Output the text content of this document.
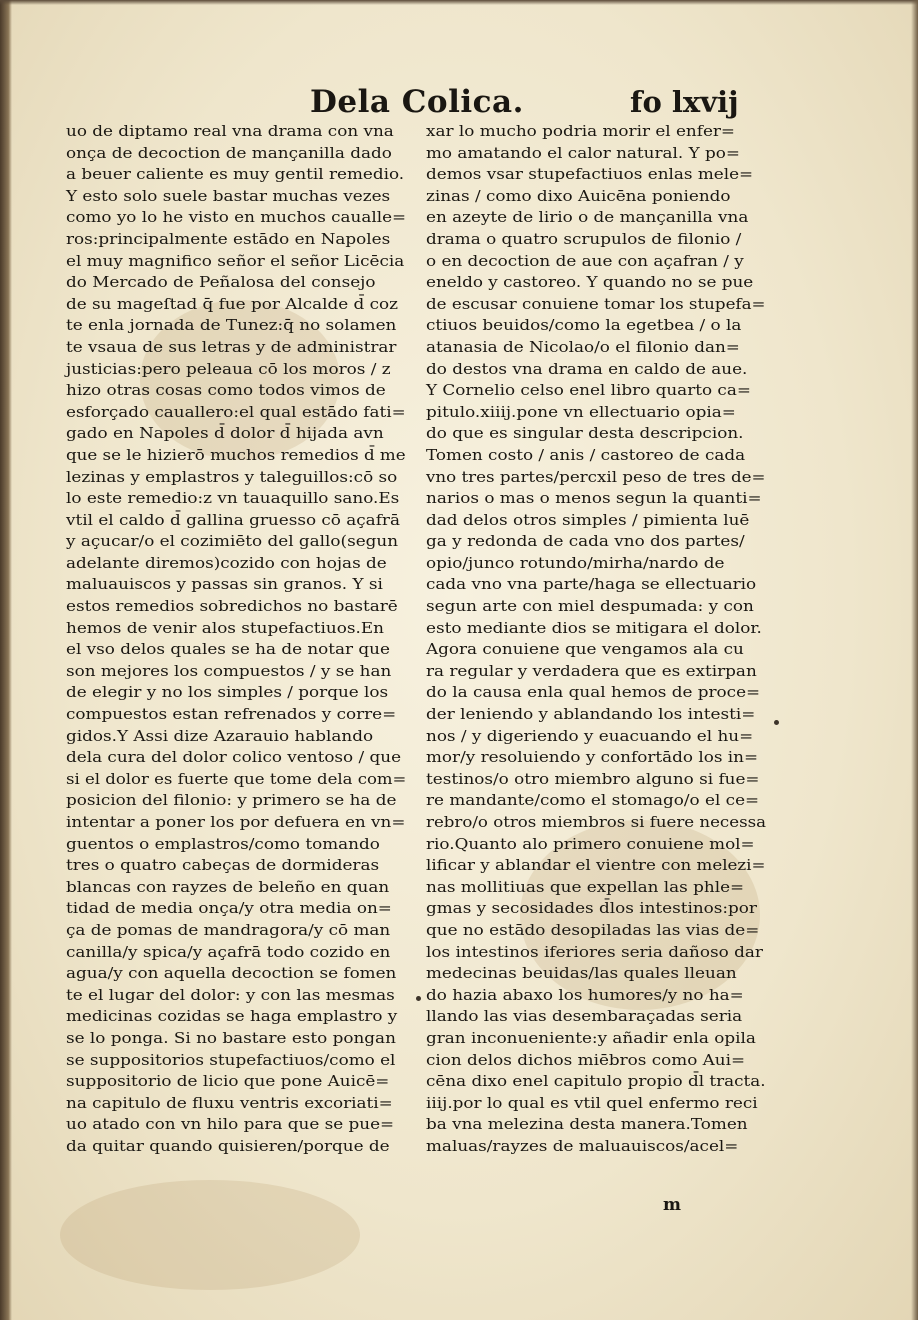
Dela Colica.	fo lxvij
uo de diptamo real vna drama con vna
onça de decoction de mançanilla dado
a beuer caliente es muy gentil remedio.
Y esto solo suele bastar muchas vezes
como yo lo he visto en muchos caualle=
ros:principalmente estādo en Napoles
el muy magnifico señor el señor Licēcia
do Mercado de Peñalosa del consejo
de su mageſtad q̄ fue por Alcalde d̄ coz
te enla jornada de Tunez:q̄ no solamen
te vsaua de sus letras y de administrar
justicias:pero peleaua cō los moros / z
hizo otras cosas como todos vimos de
esforçado cauallero:el qual estādo fati=
gado en Napoles d̄ dolor d̄ hijada avn
que se le hizierō muchos remedios d̄ me
lezinas y emplastros y taleguillos:cō so
lo este remedio:z vn tauaquillo sano.Es
vtil el caldo d̄ gallina gruesso cō açafrā
y açucar/o el cozimiēto del gallo(segun
adelante diremos)cozido con hojas de
maluauiscos y passas sin granos. Y si
estos remedios sobredichos no bastarē
hemos de venir alos stupefactiuos.En
el vso delos quales se ha de notar que
son mejores los compuestos / y se han
de elegir y no los simples / porque los
compuestos estan refrenados y corre=
gidos.Y Assi dize Azarauio hablando
dela cura del dolor colico ventoso / que
si el dolor es fuerte que tome dela com=
posicion del filonio: y primero se ha de
intentar a poner los por defuera en vn=
guentos o emplastros/como tomando
tres o quatro cabeças de dormideras
blancas con rayzes de beleño en quan
tidad de media onça/y otra media on=
ça de pomas de mandragora/y cō man
canilla/y spica/y açafrā todo cozido en
agua/y con aquella decoction se fomen
te el lugar del dolor: y con las mesmas
medicinas cozidas se haga emplastro y
se lo ponga. Si no bastare esto pongan
se suppositorios stupefactiuos/como el
suppositorio de licio que pone Auicē=
na capitulo de fluxu ventris excoriati=
uo atado con vn hilo para que se pue=
da quitar quando quisieren/porque de
xar lo mucho podria morir el enfer=
mo amatando el calor natural. Y po=
demos vsar stupefactiuos enlas mele=
zinas / como dixo Auicēna poniendo
en azeyte de lirio o de mançanilla vna
drama o quatro scrupulos de filonio /
o en decoction de aue con açafran / y
eneldo y castoreo. Y quando no se pue
de escusar conuiene tomar los stupefa=
ctiuos beuidos/como la egetbea / o la
atanasia de Nicolao/o el filonio dan=
do destos vna drama en caldo de aue.
Y Cornelio celso enel libro quarto ca=
pitulo.xiiij.pone vn ellectuario opia=
do que es singular desta descripcion.
Tomen costo / anis / castoreo de cada
vno tres partes/percxil peso de tres de=
narios o mas o menos segun la quanti=
dad delos otros simples / pimienta luē
ga y redonda de cada vno dos partes/
opio/junco rotundo/mirha/nardo de
cada vno vna parte/haga se ellectuario
segun arte con miel despumada: y con
esto mediante dios se mitigara el dolor.
Agora conuiene que vengamos ala cu
ra regular y verdadera que es extirpan
do la causa enla qual hemos de proce=
der leniendo y ablandando los intesti=
nos / y digeriendo y euacuando el hu=
mor/y resoluiendo y confortādo los in=
testinos/o otro miembro alguno si fue=
re mandante/como el stomago/o el ce=
rebro/o otros miembros si fuere necessa
rio.Quanto alo primero conuiene mol=
lificar y ablandar el vientre con melezi=
nas mollitiuas que expellan las phle=
gmas y secosidades d̄los intestinos:por
que no estādo desopiladas las vias de=
los intestinos iferiores seria dañoso dar
medecinas beuidas/las quales lleuan
do hazia abaxo los humores/y no ha=
llando las vias desembaraçadas seria
gran inconueniente:y añadir enla opila
cion delos dichos miēbros como Aui=
cēna dixo enel capitulo propio d̄l tracta.
iiij.por lo qual es vtil quel enfermo reci
ba vna melezina desta manera.Tomen
maluas/rayzes de maluauiscos/acel=
m
